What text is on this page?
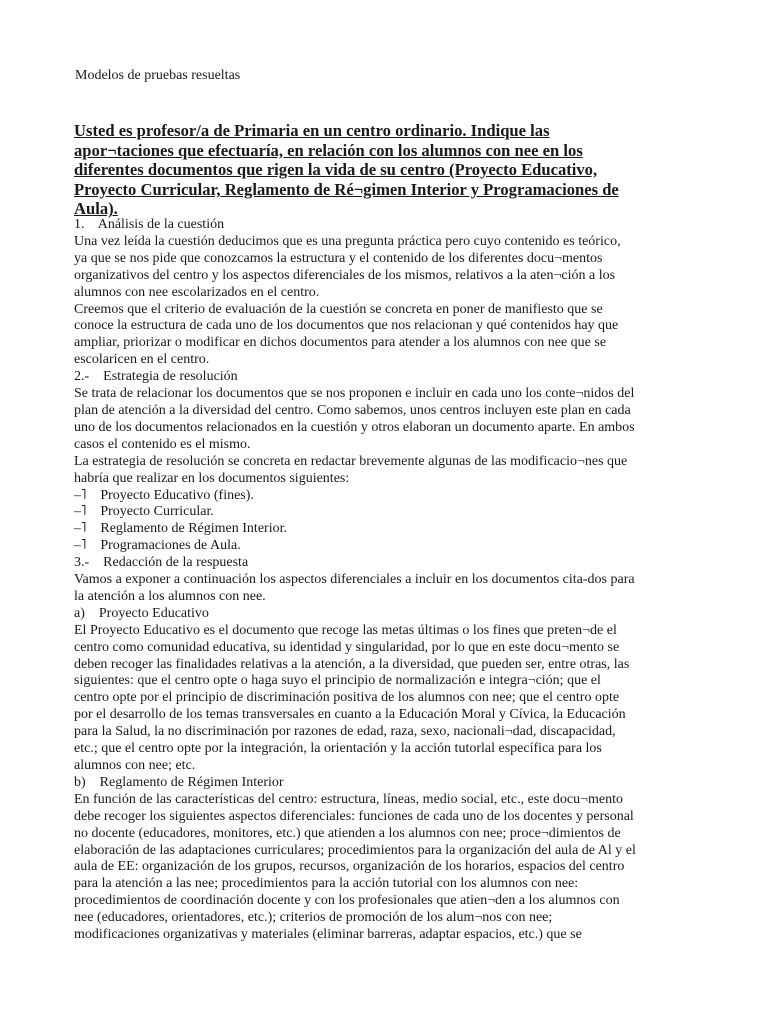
Modelos de pruebas resueltas
Usted es profesor/a de Primaria en un centro ordinario. Indique las
apor¬taciones que efectuaría, en relación con los alumnos con nee en los
diferentes documentos que rigen la vida de su centro (Proyecto Educativo,
Proyecto Curricular, Reglamento de Ré¬gimen Interior y Programaciones de
Aula).
1.    Análisis de la cuestión
Una vez leída la cuestión deducimos que es una pregunta práctica pero cuyo contenido es teórico,
ya que se nos pide que conozcamos la estructura y el contenido de los diferentes docu¬mentos
organizativos del centro y los aspectos diferenciales de los mismos, relativos a la aten¬ción a los
alumnos con nee escolarizados en el centro.
Creemos que el criterio de evaluación de la cuestión se concreta en poner de manifiesto que se
conoce la estructura de cada uno de los documentos que nos relacionan y qué contenidos hay que
ampliar, priorizar o modificar en dichos documentos para atender a los alumnos con nee que se
escolaricen en el centro.
2.-    Estrategia de resolución
Se trata de relacionar los documentos que se nos proponen e incluir en cada uno los conte¬nidos del
plan de atención a la diversidad del centro. Como sabemos, unos centros incluyen este plan en cada
uno de los documentos relacionados en la cuestión y otros elaboran un documento aparte. En ambos
casos el contenido es el mismo.
La estrategia de resolución se concreta en redactar brevemente algunas de las modificacio¬nes que
habría que realizar en los documentos siguientes:
–˥    Proyecto Educativo (fines).
–˥    Proyecto Curricular.
–˥    Reglamento de Régimen Interior.
–˥    Programaciones de Aula.
3.-    Redacción de la respuesta
Vamos a exponer a continuación los aspectos diferenciales a incluir en los documentos cita-dos para
la atención a los alumnos con nee.
a)    Proyecto Educativo
El Proyecto Educativo es el documento que recoge las metas últimas o los fines que preten¬de el
centro como comunidad educativa, su identidad y singularidad, por lo que en este docu¬mento se
deben recoger las finalidades relativas a la atención, a la diversidad, que pueden ser, entre otras, las
siguientes: que el centro opte o haga suyo el principio de normalización e integra¬ción; que el
centro opte por el principio de discriminación positiva de los alumnos con nee; que el centro opte
por el desarrollo de los temas transversales en cuanto a la Educación Moral y Cívica, la Educación
para la Salud, la no discriminación por razones de edad, raza, sexo, nacionali¬dad, discapacidad,
etc.; que el centro opte por la integración, la orientación y la acción tutorlal específica para los
alumnos con nee; etc.
b)    Reglamento de Régimen Interior
En función de las características del centro: estructura, líneas, medio social, etc., este docu¬mento
debe recoger los siguientes aspectos diferenciales: funciones de cada uno de los docentes y personal
no docente (educadores, monitores, etc.) que atienden a los alumnos con nee; proce¬dimientos de
elaboración de las adaptaciones curriculares; procedimientos para la organización del aula de Al y el
aula de EE: organización de los grupos, recursos, organización de los horarios, espacios del centro
para la atención a las nee; procedimientos para la acción tutorial con los alumnos con nee:
procedimientos de coordinación docente y con los profesionales que atien¬den a los alumnos con
nee (educadores, orientadores, etc.); criterios de promoción de los alum¬nos con nee;
modificaciones organizativas y materiales (eliminar barreras, adaptar espacios, etc.) que se
